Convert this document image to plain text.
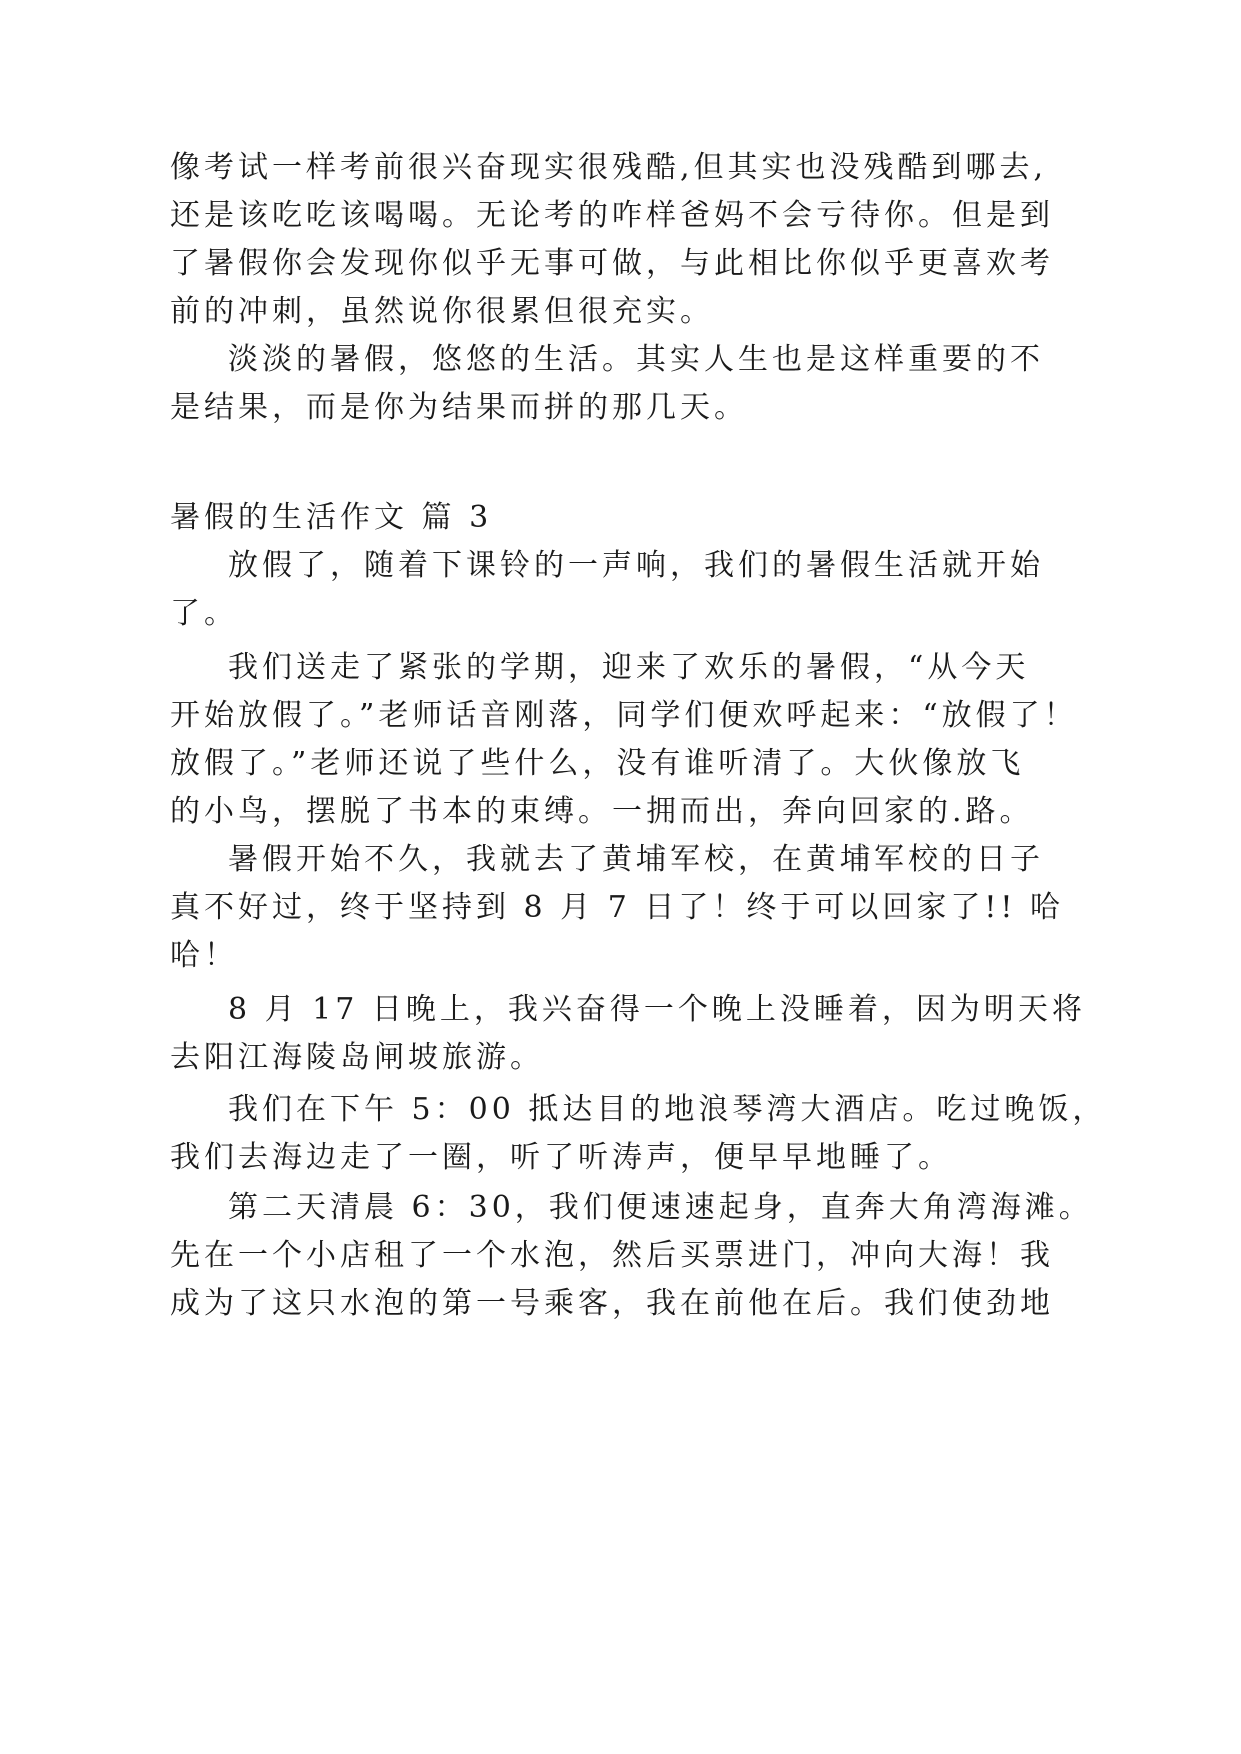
像考试一样考前很兴奋现实很残酷,但其实也没残酷到哪去,
还是该吃吃该喝喝。无论考的咋样爸妈不会亏待你。但是到
了暑假你会发现你似乎无事可做，与此相比你似乎更喜欢考
前的冲刺，虽然说你很累但很充实。
淡淡的暑假，悠悠的生活。其实人生也是这样重要的不
是结果，而是你为结果而拼的那几天。
暑假的生活作文 篇 3
放假了，随着下课铃的一声响，我们的暑假生活就开始
了。
我们送走了紧张的学期，迎来了欢乐的暑假，“从今天
开始放假了。”老师话音刚落，同学们便欢呼起来：“放假了！
放假了。”老师还说了些什么，没有谁听清了。大伙像放飞
的小鸟，摆脱了书本的束缚。一拥而出，奔向回家的.路。
暑假开始不久，我就去了黄埔军校，在黄埔军校的日子
真不好过，终于坚持到 8 月 7 日了！终于可以回家了!! 哈
哈！
8 月 17 日晚上，我兴奋得一个晚上没睡着，因为明天将
去阳江海陵岛闸坡旅游。
我们在下午 5：00 抵达目的地浪琴湾大酒店。吃过晚饭，
我们去海边走了一圈，听了听涛声，便早早地睡了。
第二天清晨 6：30，我们便速速起身，直奔大角湾海滩。
先在一个小店租了一个水泡，然后买票进门，冲向大海！我
成为了这只水泡的第一号乘客，我在前他在后。我们使劲地
